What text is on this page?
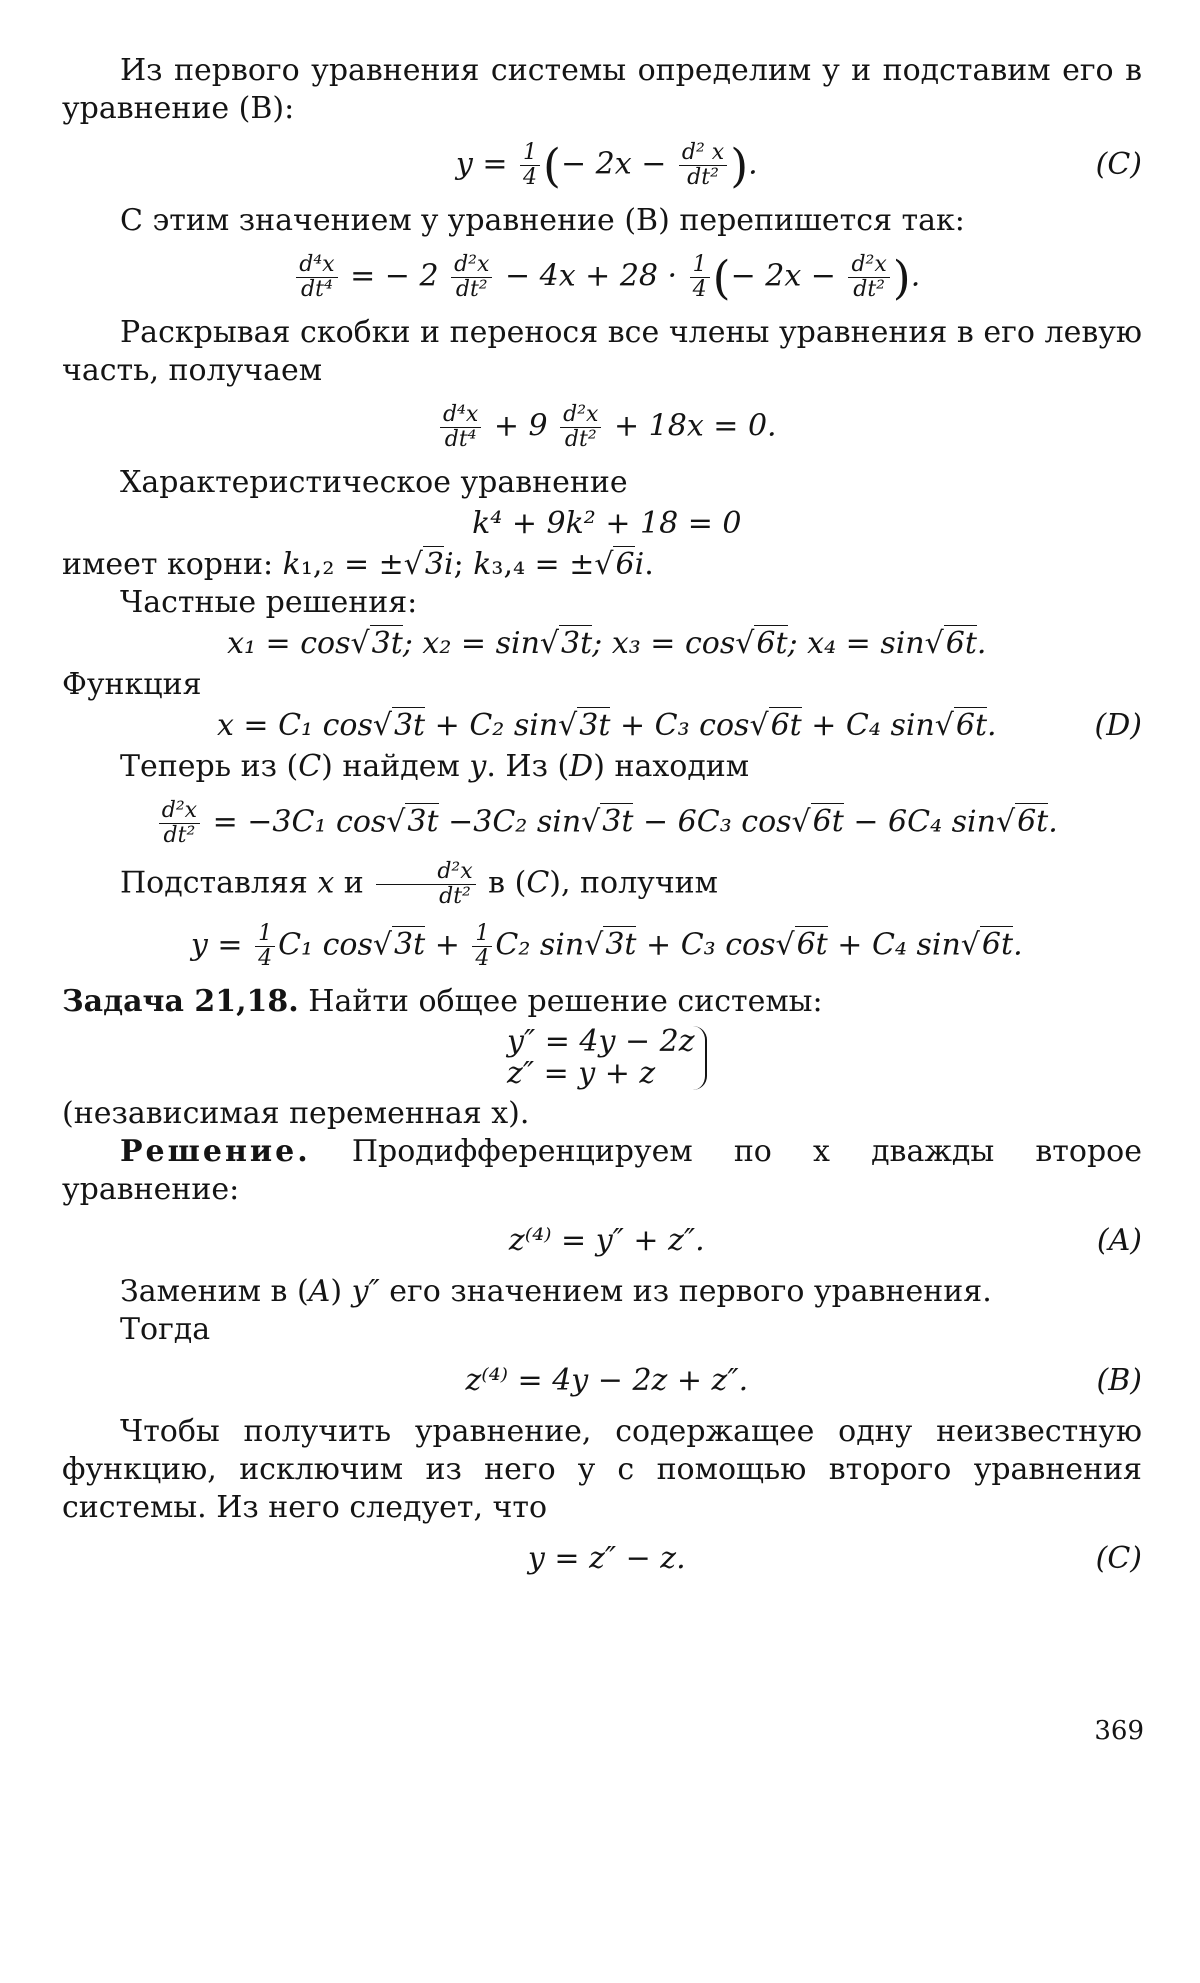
Из первого уравнения системы определим y и подставим его в уравнение (B):

$y = \frac{1}{4}$ (− $2x - \frac{\text{d² x}}{\text{dt²}}$ ).	(C)

С этим значением y уравнение (B) перепишется так:

$\frac{\text{d⁴x}}{\text{dt⁴}}$ = − $2 \frac{\text{d²x}}{\text{dt²}} - 4x + 28 \cdot \frac{1}{4}$ (− $2x - \frac{\text{d²x}}{\text{dt²}}$ ).

Раскрывая скобки и перенося все члены уравнения в его левую часть, получаем

$\frac{\text{d⁴x}}{\text{dt⁴}} + 9 \frac{\text{d²x}}{\text{dt²}} + 18x = 0$.

Характеристическое уравнение

k⁴ + 9k² + 18 = 0

имеет корни: k₁,₂ = ±√3i; k₃,₄ = ±√6i.

Частные решения:

x₁ = cos√3t; x₂ = sin√3t; x₃ = cos√6t; x₄ = sin√6t.

Функция

x = C₁ cos√3t + C₂ sin√3t + C₃ cos√6t + C₄ sin√6t.	(D)

Теперь из (C) найдем y. Из (D) находим

$\frac{\text{d²x}}{\text{dt²}} = -3C_1$ cos√3t −3C₂ sin√3t − 6C₃ cos√6t − 6C₄ sin√6t.

Подставляя x и $\frac{\text{d²x}}{\text{dt²}}$ в (C), получим

$y = \frac{1}{4} C_1$ $\cos√3t + \frac{1}{4} C_2$ sin√3t + C₃ cos√6t + C₄ sin√6t.

Задача 21,18. Найти общее решение системы:

y″ = 4y − 2z
z″ = y + z

(независимая переменная x).

Решение. Продифференцируем по x дважды второе уравнение:

z⁽⁴⁾ = y″ + z″.	(A)

Заменим в (A) y″ его значением из первого уравнения.

Тогда

z⁽⁴⁾ = 4y − 2z + z″.	(B)

Чтобы получить уравнение, содержащее одну неизвестную функцию, исключим из него y с помощью второго уравнения системы. Из него следует, что

y = z″ − z.	(C)
369
